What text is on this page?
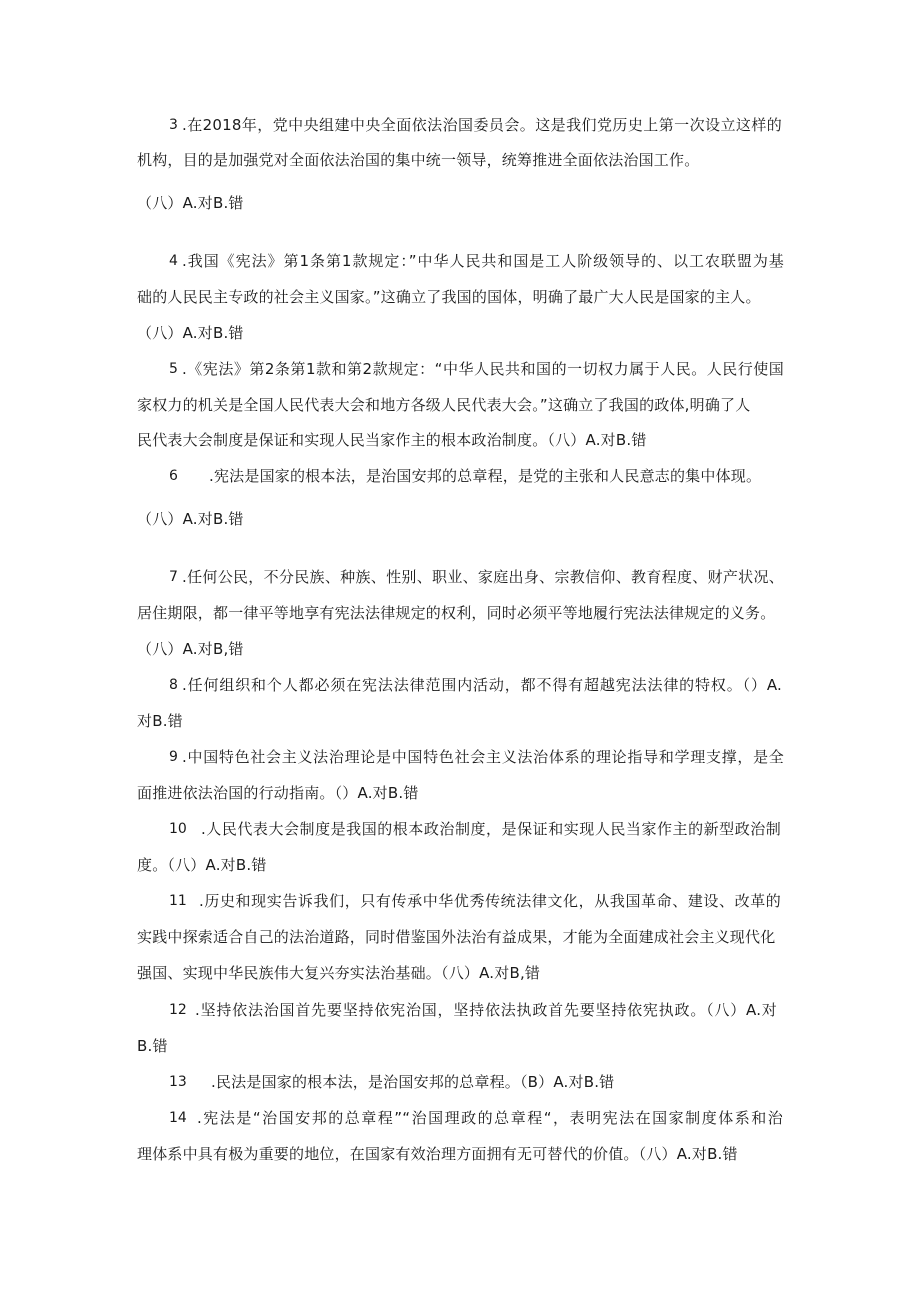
3 .在2018年，党中央组建中央全面依法治国委员会。这是我们党历史上第一次设立这样的
机构，目的是加强党对全面依法治国的集中统一领导，统筹推进全面依法治国工作。
（八）A.对B.错
4 .我国《宪法》第1条第1款规定：”中华人民共和国是工人阶级领导的、以工农联盟为基
础的人民民主专政的社会主义国家。”这确立了我国的国体，明确了最广大人民是国家的主人。
（八）A.对B.错
5 .《宪法》第2条第1款和第2款规定：“中华人民共和国的一切权力属于人民。人民行使国
家权力的机关是全国人民代表大会和地方各级人民代表大会。”这确立了我国的政体,明确了人
民代表大会制度是保证和实现人民当家作主的根本政治制度。（八）A.对B.错
6 .宪法是国家的根本法，是治国安邦的总章程，是党的主张和人民意志的集中体现。
（八）A.对B.错
7 .任何公民，不分民族、种族、性别、职业、家庭出身、宗教信仰、教育程度、财产状况、
居住期限，都一律平等地享有宪法法律规定的权利，同时必须平等地履行宪法法律规定的义务。
（八）A.对B,错
8 .任何组织和个人都必须在宪法法律范围内活动，都不得有超越宪法法律的特权。（）A.
对B.错
9 .中国特色社会主义法治理论是中国特色社会主义法治体系的理论指导和学理支撑，是全
面推进依法治国的行动指南。（）A.对B.错
10 .人民代表大会制度是我国的根本政治制度，是保证和实现人民当家作主的新型政治制
度。（八）A.对B.错
11 .历史和现实告诉我们，只有传承中华优秀传统法律文化，从我国革命、建设、改革的
实践中探索适合自己的法治道路，同时借鉴国外法治有益成果，才能为全面建成社会主义现代化
强国、实现中华民族伟大复兴夯实法治基础。（八）A.对B,错
12 .坚持依法治国首先要坚持依宪治国，坚持依法执政首先要坚持依宪执政。（八）A.对
B.错
13 .民法是国家的根本法，是治国安邦的总章程。（B）A.对B.错
14 .宪法是“治国安邦的总章程”“治国理政的总章程“，表明宪法在国家制度体系和治
理体系中具有极为重要的地位，在国家有效治理方面拥有无可替代的价值。（八）A.对B.错
